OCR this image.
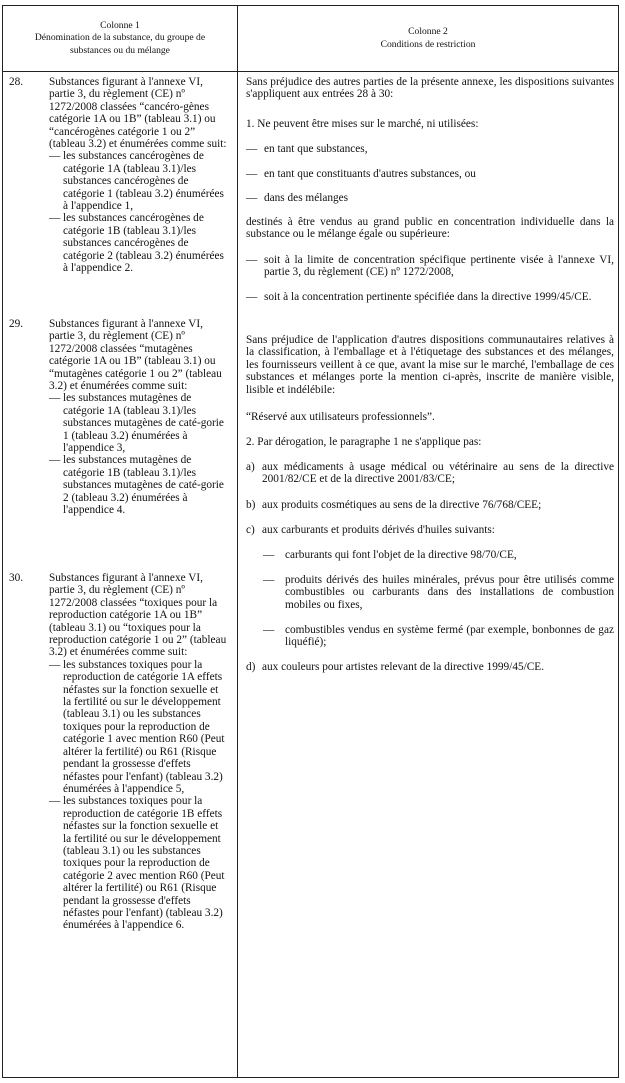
Colonne 1
Dénomination de la substance, du groupe de substances ou du mélange
Colonne 2
Conditions de restriction
28. Substances figurant à l'annexe VI, partie 3, du règlement (CE) nº 1272/2008 classées “cancéro-gènes catégorie 1A ou 1B” (tableau 3.1) ou “cancérogènes catégorie 1 ou 2” (tableau 3.2) et énumérées comme suit:
— les substances cancérogènes de catégorie 1A (tableau 3.1)/les substances cancérogènes de catégorie 1 (tableau 3.2) énumérées à l'appendice 1,
— les substances cancérogènes de catégorie 1B (tableau 3.1)/les substances cancérogènes de catégorie 2 (tableau 3.2) énumérées à l'appendice 2.
29. Substances figurant à l'annexe VI, partie 3, du règlement (CE) nº 1272/2008 classées “mutagènes catégorie 1A ou 1B” (tableau 3.1) ou “mutagènes catégorie 1 ou 2” (tableau 3.2) et énumérées comme suit:
— les substances mutagènes de catégorie 1A (tableau 3.1)/les substances mutagènes de caté-gorie 1 (tableau 3.2) énumérées à l'appendice 3,
— les substances mutagènes de catégorie 1B (tableau 3.1)/les substances mutagènes de caté-gorie 2 (tableau 3.2) énumérées à l'appendice 4.
30. Substances figurant à l'annexe VI, partie 3, du règlement (CE) nº 1272/2008 classées “toxiques pour la reproduction catégorie 1A ou 1B” (tableau 3.1) ou “toxiques pour la reproduction catégorie 1 ou 2” (tableau 3.2) et énumérées comme suit:
— les substances toxiques pour la reproduction de catégorie 1A effets néfastes sur la fonction sexuelle et la fertilité ou sur le développement (tableau 3.1) ou les substances toxiques pour la reproduction de catégorie 1 avec mention R60 (Peut altérer la fertilité) ou R61 (Risque pendant la grossesse d'effets néfastes pour l'enfant) (tableau 3.2) énumérées à l'appendice 5,
— les substances toxiques pour la reproduction de catégorie 1B effets néfastes sur la fonction sexuelle et la fertilité ou sur le développement (tableau 3.1) ou les substances toxiques pour la reproduction de catégorie 2 avec mention R60 (Peut altérer la fertilité) ou R61 (Risque pendant la grossesse d'effets néfastes pour l'enfant) (tableau 3.2) énumérées à l'appendice 6.

Sans préjudice des autres parties de la présente annexe, les dispositions suivantes s'appliquent aux entrées 28 à 30:

1. Ne peuvent être mises sur le marché, ni utilisées:

— en tant que substances,
— en tant que constituants d'autres substances, ou
— dans des mélanges

destinés à être vendus au grand public en concentration individuelle dans la substance ou le mélange égale ou supérieure:

— soit à la limite de concentration spécifique pertinente visée à l'annexe VI, partie 3, du règlement (CE) nº 1272/2008,
— soit à la concentration pertinente spécifiée dans la directive 1999/45/CE.

Sans préjudice de l'application d'autres dispositions communautaires relatives à la classification, à l'emballage et à l'étiquetage des substances et des mélanges, les fournisseurs veillent à ce que, avant la mise sur le marché, l'emballage de ces substances et mélanges porte la mention ci-après, inscrite de manière visible, lisible et indélébile:

“Réservé aux utilisateurs professionnels”.

2. Par dérogation, le paragraphe 1 ne s'applique pas:

a) aux médicaments à usage médical ou vétérinaire au sens de la directive 2001/82/CE et de la directive 2001/83/CE;
b) aux produits cosmétiques au sens de la directive 76/768/CEE;
c) aux carburants et produits dérivés d'huiles suivants:
— carburants qui font l'objet de la directive 98/70/CE,
— produits dérivés des huiles minérales, prévus pour être utilisés comme combustibles ou carburants dans des installations de combustion mobiles ou fixes,
— combustibles vendus en système fermé (par exemple, bonbonnes de gaz liquéfié);
d) aux couleurs pour artistes relevant de la directive 1999/45/CE.
